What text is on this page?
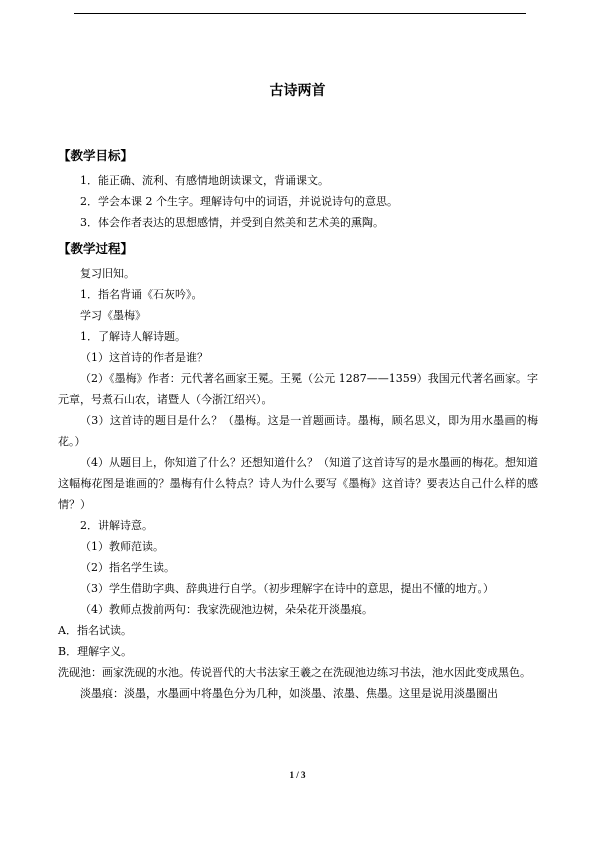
古诗两首
【教学目标】

1．能正确、流利、有感情地朗读课文，背诵课文。

2．学会本课 2 个生字。理解诗句中的词语，并说说诗句的意思。

3．体会作者表达的思想感情，并受到自然美和艺术美的熏陶。

【教学过程】

复习旧知。

1．指名背诵《石灰吟》。

学习《墨梅》

1．了解诗人解诗题。

（1）这首诗的作者是谁？

（2）《墨梅》作者：元代著名画家王冕。王冕（公元 1287——1359）我国元代著名画家。字元章，号煮石山农，诸暨人（今浙江绍兴）。

（3）这首诗的题目是什么？（墨梅。这是一首题画诗。墨梅，顾名思义，即为用水墨画的梅花。）

（4）从题目上，你知道了什么？还想知道什么？（知道了这首诗写的是水墨画的梅花。想知道这幅梅花图是谁画的？墨梅有什么特点？诗人为什么要写《墨梅》这首诗？要表达自己什么样的感情？）

2．讲解诗意。

（1）教师范读。

（2）指名学生读。

（3）学生借助字典、辞典进行自学。（初步理解字在诗中的意思，提出不懂的地方。）

（4）教师点拨前两句：我家洗砚池边树，朵朵花开淡墨痕。

A．指名试读。

B．理解字义。

洗砚池：画家洗砚的水池。传说晋代的大书法家王羲之在洗砚池边练习书法，池水因此变成黑色。

淡墨痕：淡墨，水墨画中将墨色分为几种，如淡墨、浓墨、焦墨。这里是说用淡墨圈出

1 / 3
